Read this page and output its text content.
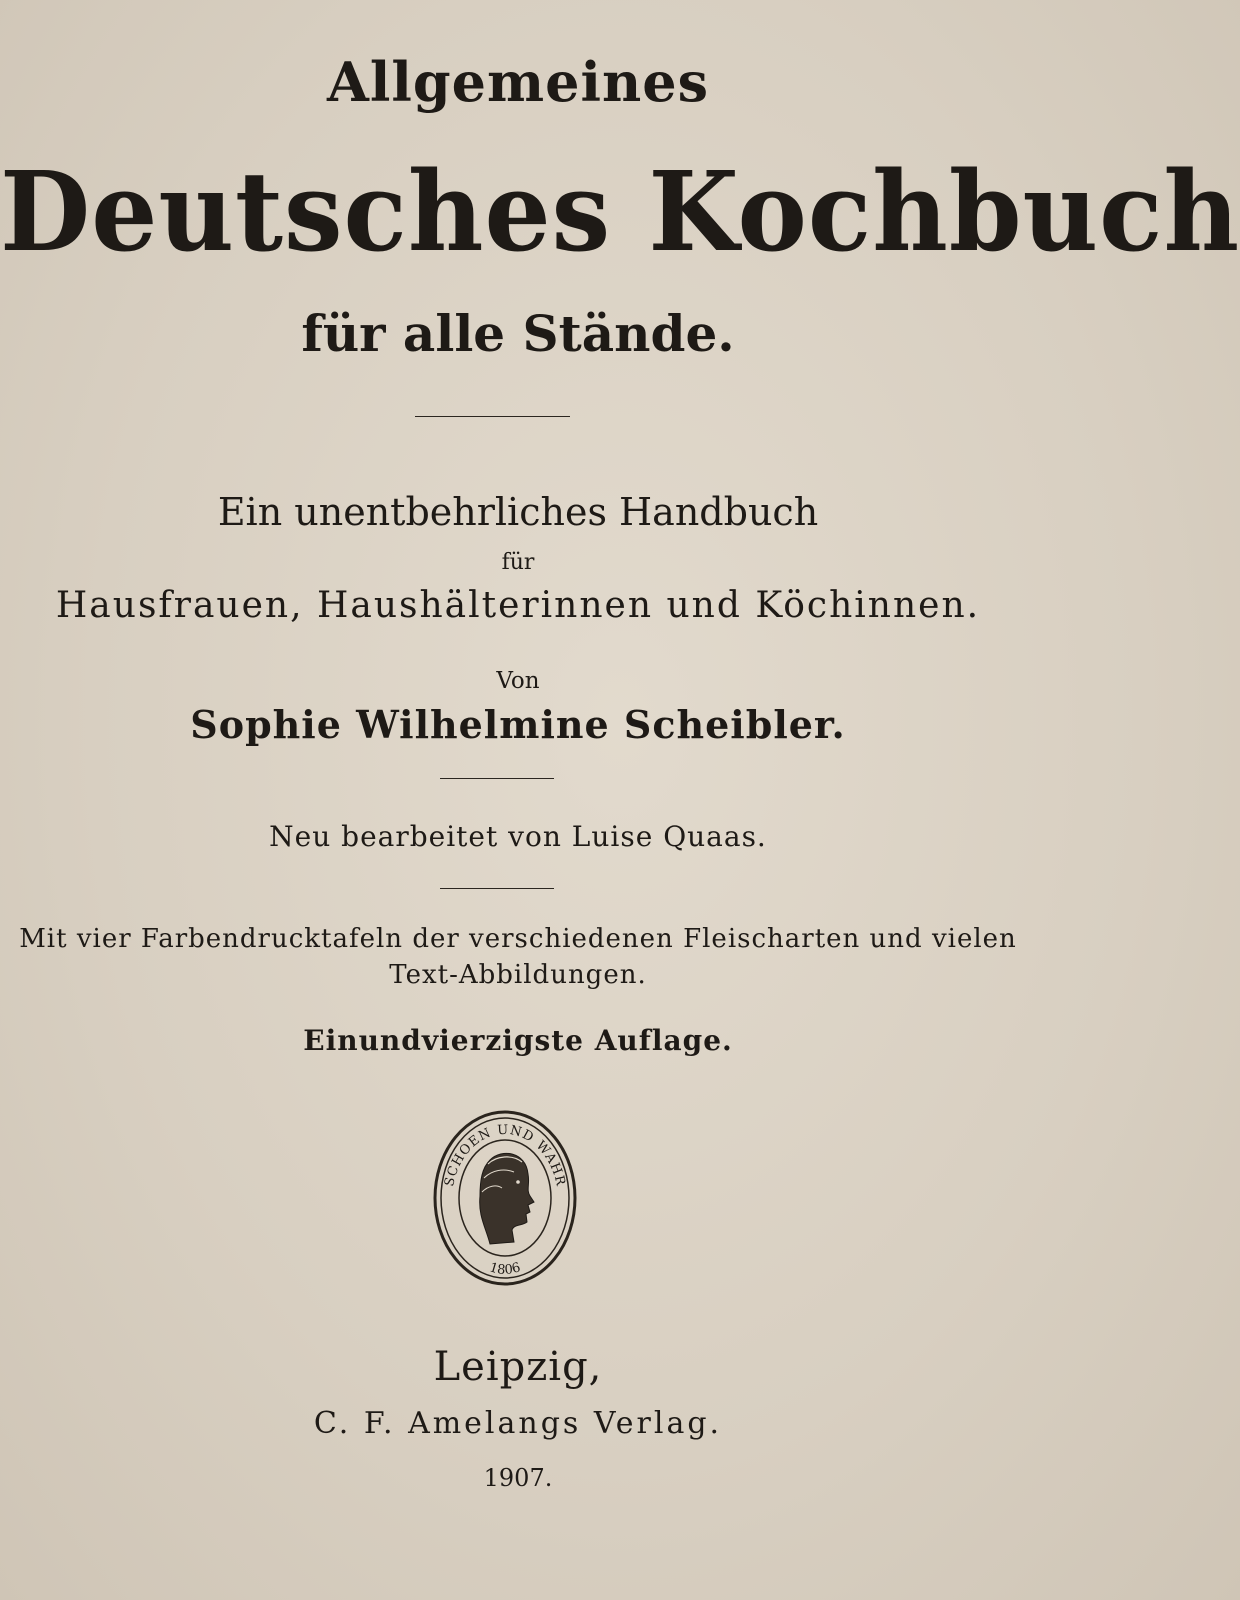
Allgemeines

Deutsches Kochbuch

für alle Stände.

Ein unentbehrliches Handbuch

für

Hausfrauen, Haushälterinnen und Köchinnen.

Von

Sophie Wilhelmine Scheibler.

Neu bearbeitet von Luise Quaas.

Mit vier Farbendrucktafeln der verschiedenen Fleischarten und vielen

Text-Abbildungen.

Einundvierzigste Auflage.

SCHOEN UND WAHR
1806

Leipzig,

C. F. Amelangs Verlag.

1907.
